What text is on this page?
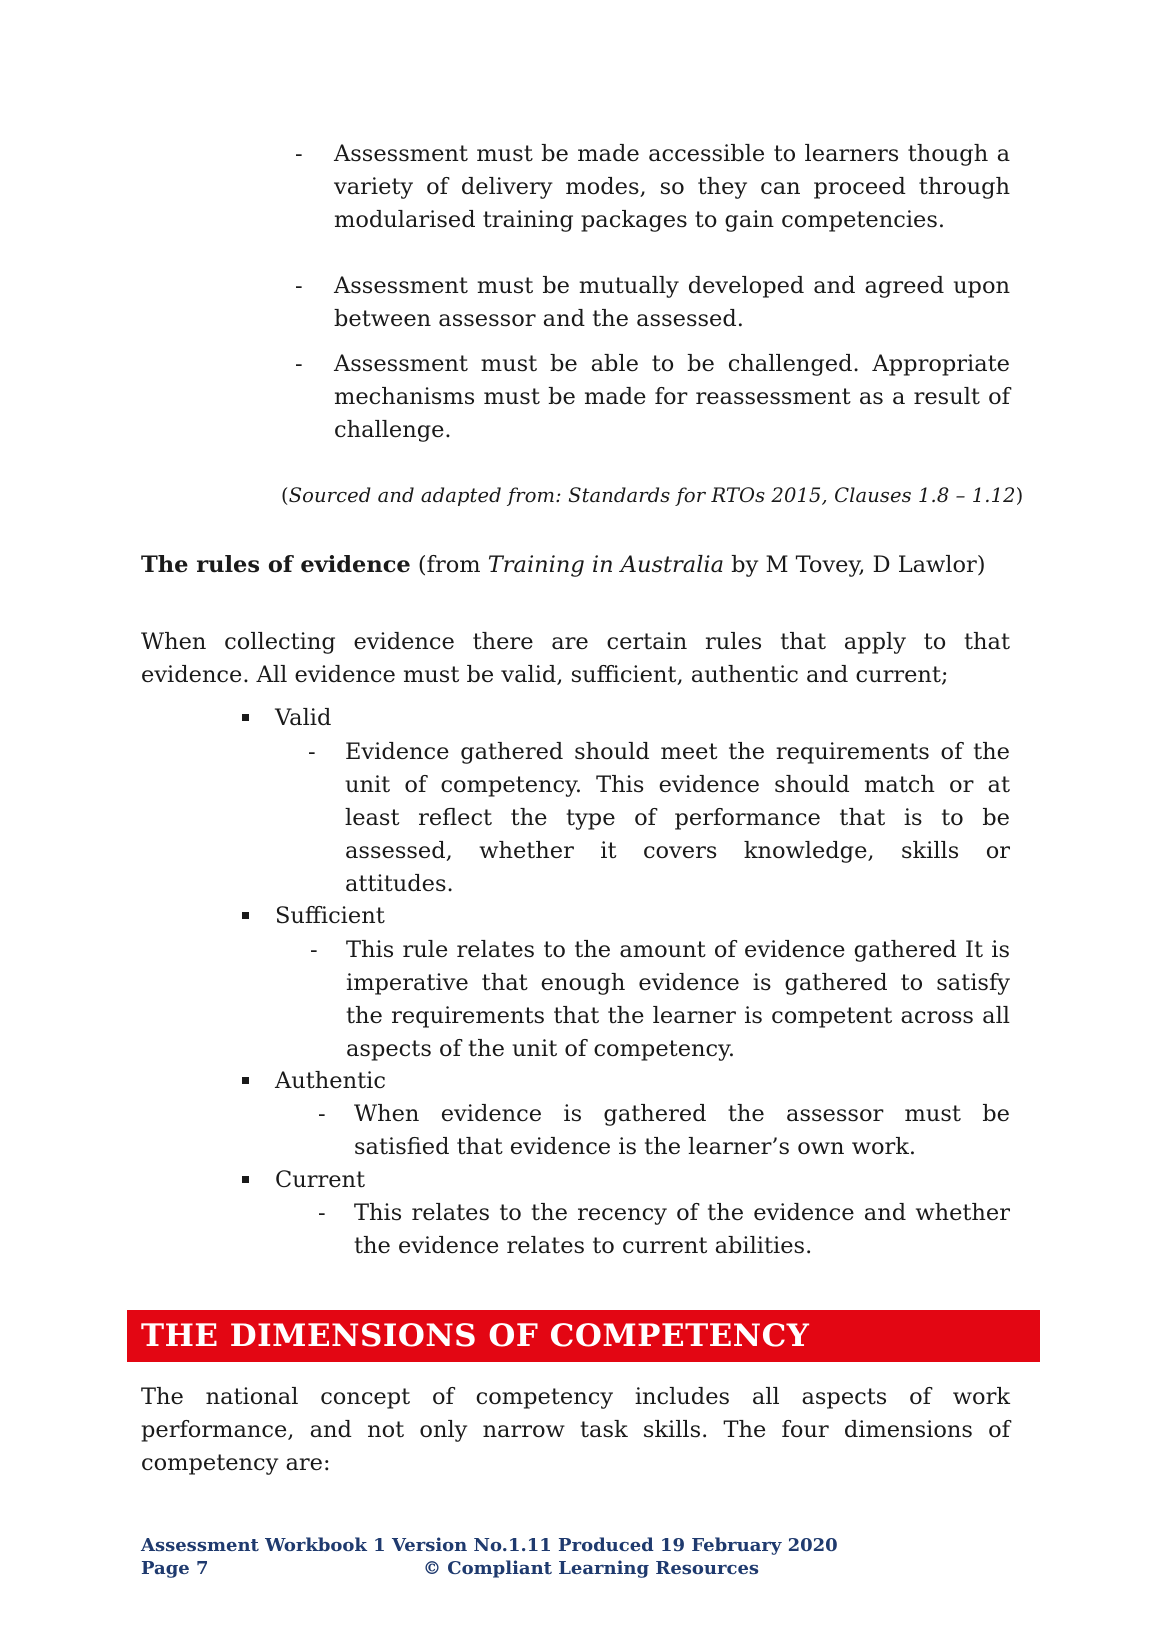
- Assessment must be made accessible to learners though a variety of delivery modes, so they can proceed through modularised training packages to gain competencies.

- Assessment must be mutually developed and agreed upon between assessor and the assessed.

- Assessment must be able to be challenged. Appropriate mechanisms must be made for reassessment as a result of challenge.

(Sourced and adapted from: Standards for RTOs 2015, Clauses 1.8 – 1.12)

The rules of evidence (from Training in Australia by M Tovey, D Lawlor)

When collecting evidence there are certain rules that apply to that evidence. All evidence must be valid, sufficient, authentic and current;

Valid
- Evidence gathered should meet the requirements of the unit of competency. This evidence should match or at least reflect the type of performance that is to be assessed, whether it covers knowledge, skills or attitudes.

Sufficient
- This rule relates to the amount of evidence gathered It is imperative that enough evidence is gathered to satisfy the requirements that the learner is competent across all aspects of the unit of competency.

Authentic
- When evidence is gathered the assessor must be satisfied that evidence is the learner’s own work.

Current
- This relates to the recency of the evidence and whether the evidence relates to current abilities.

THE DIMENSIONS OF COMPETENCY

The national concept of competency includes all aspects of work performance, and not only narrow task skills. The four dimensions of competency are:

Assessment Workbook 1 Version No.1.11 Produced 19 February 2020
Page 7	© Compliant Learning Resources
